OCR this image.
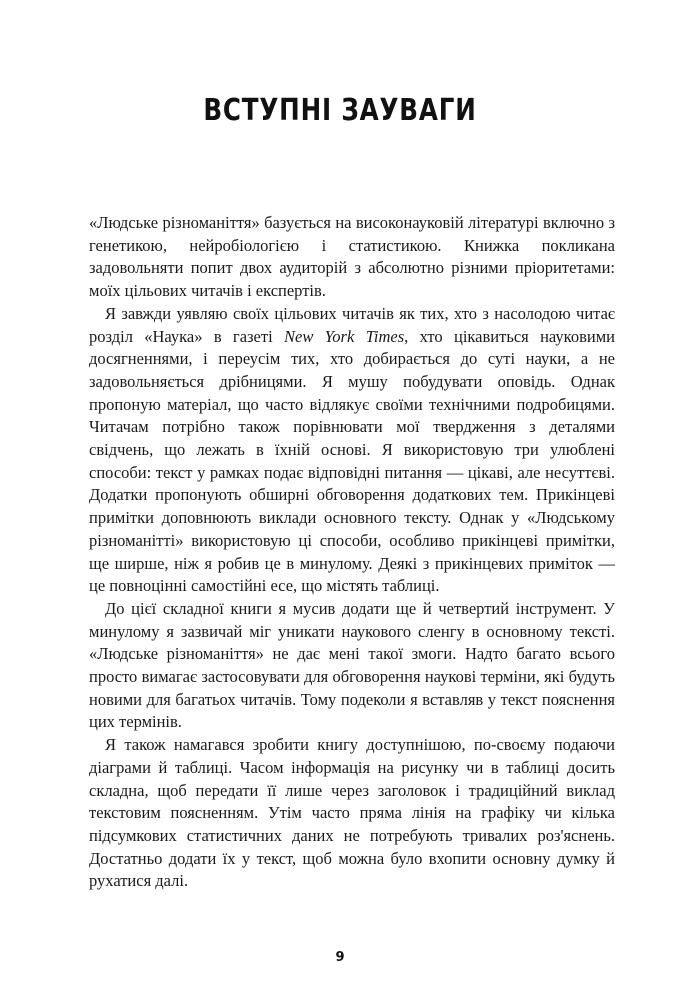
ВСТУПНІ ЗАУВАГИ

«Людське різноманіття» базується на високонауковій літературі включно з генетикою, нейробіологією і статистикою. Книжка покликана задовольняти попит двох аудиторій з абсолютно різними пріоритетами: моїх цільових читачів і експертів.

Я завжди уявляю своїх цільових читачів як тих, хто з насолодою читає розділ «Наука» в газеті New York Times, хто цікавиться науковими досягненнями, і переусім тих, хто добирається до суті науки, а не задовольняється дрібницями. Я мушу побудувати оповідь. Однак пропоную матеріал, що часто відлякує своїми технічними подробицями. Читачам потрібно також порівнювати мої твердження з деталями свідчень, що лежать в їхній основі. Я використовую три улюблені способи: текст у рамках подає відповідні питання — цікаві, але несуттєві. Додатки пропонують обширні обговорення додаткових тем. Прикінцеві примітки доповнюють виклади основного тексту. Однак у «Людському різноманітті» використовую ці способи, особливо прикінцеві примітки, ще ширше, ніж я робив це в минулому. Деякі з прикінцевих приміток — це повноцінні самостійні есе, що містять таблиці.

До цієї складної книги я мусив додати ще й четвертий інструмент. У минулому я зазвичай міг уникати наукового сленгу в основному тексті. «Людське різноманіття» не дає мені такої змоги. Надто багато всього просто вимагає застосовувати для обговорення наукові терміни, які будуть новими для багатьох читачів. Тому подеколи я вставляв у текст пояснення цих термінів.

Я також намагався зробити книгу доступнішою, по-своєму подаючи діаграми й таблиці. Часом інформація на рисунку чи в таблиці досить складна, щоб передати її лише через заголовок і традиційний виклад текстовим поясненням. Утім часто пряма лінія на графіку чи кілька підсумкових статистичних даних не потребують тривалих роз'яснень. Достатньо додати їх у текст, щоб можна було вхопити основну думку й рухатися далі.

9
